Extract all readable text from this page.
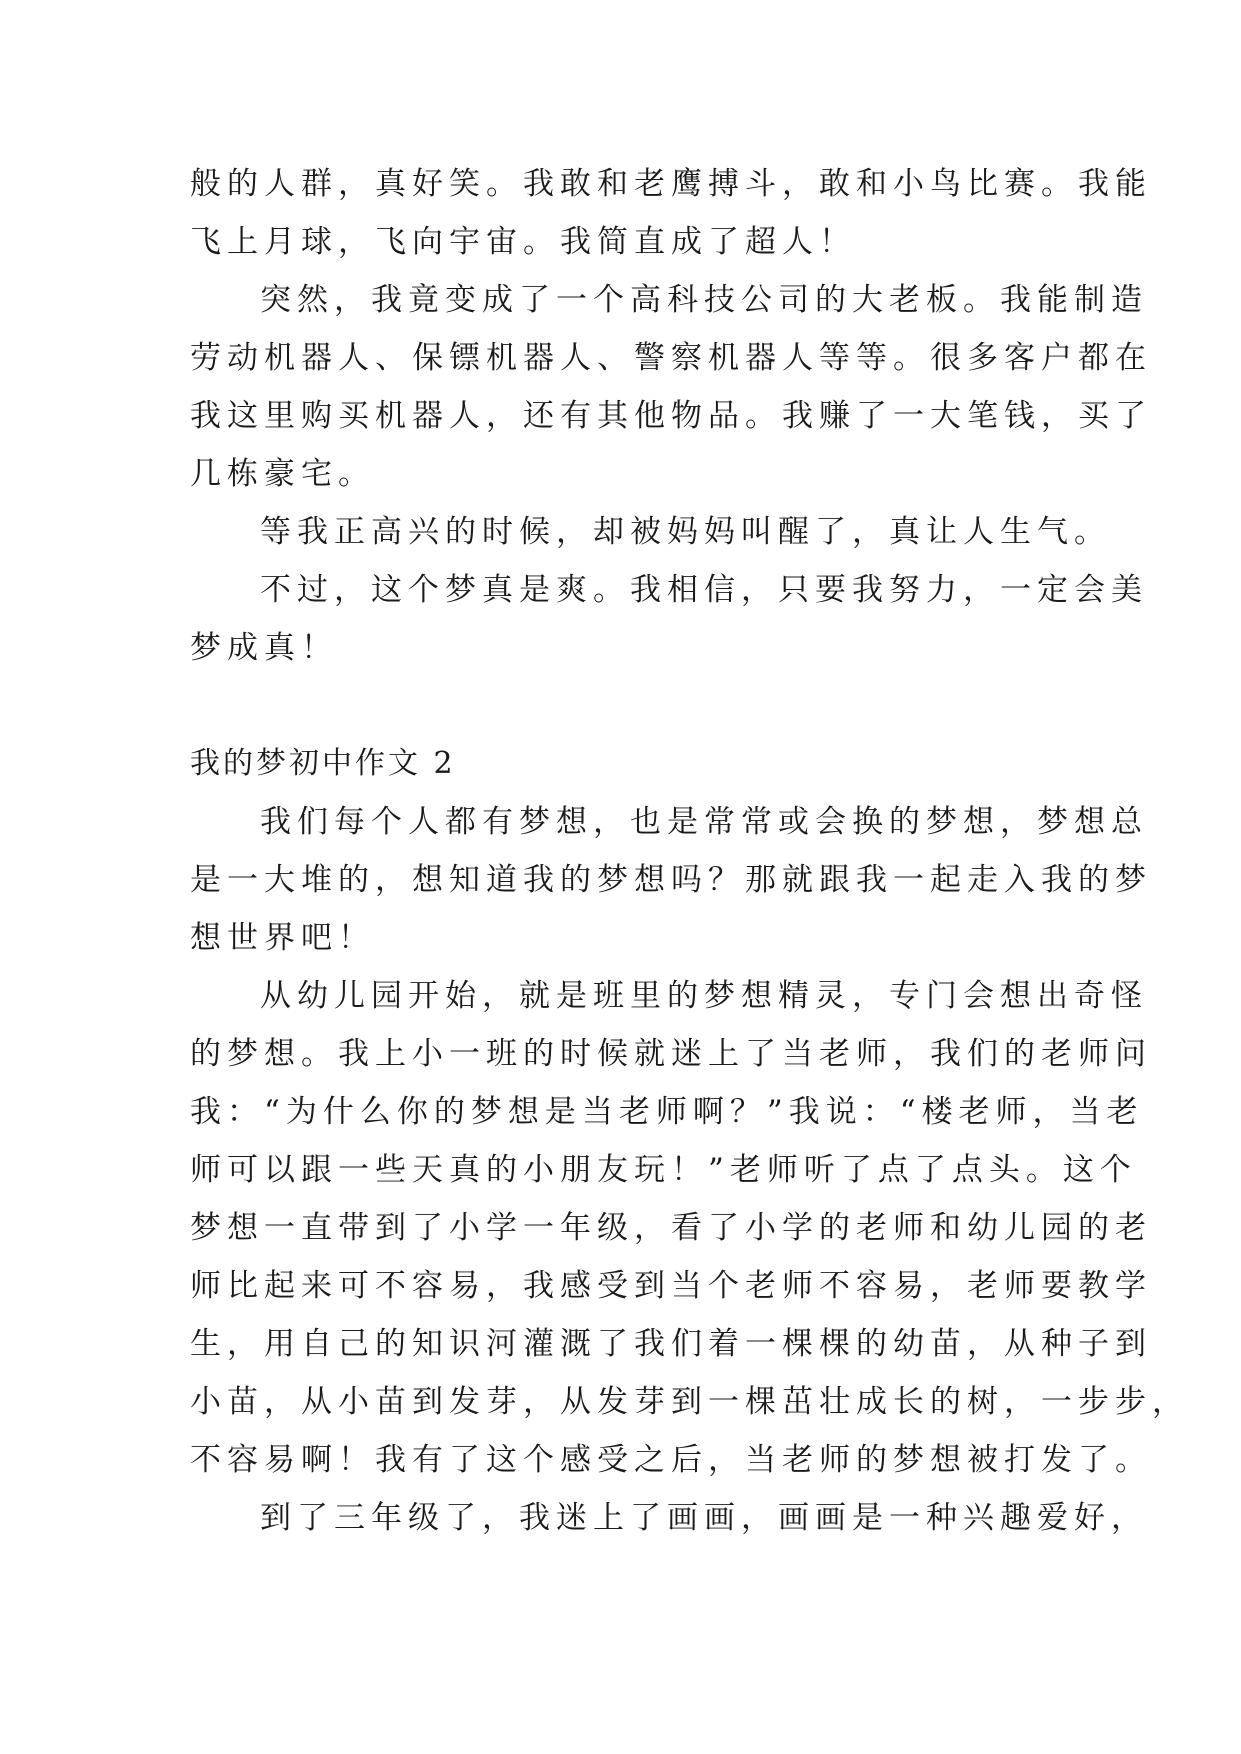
般的人群，真好笑。我敢和老鹰搏斗，敢和小鸟比赛。我能
飞上月球，飞向宇宙。我简直成了超人！
突然，我竟变成了一个高科技公司的大老板。我能制造
劳动机器人、保镖机器人、警察机器人等等。很多客户都在
我这里购买机器人，还有其他物品。我赚了一大笔钱，买了
几栋豪宅。
等我正高兴的时候，却被妈妈叫醒了，真让人生气。
不过，这个梦真是爽。我相信，只要我努力，一定会美
梦成真！
我的梦初中作文 2
我们每个人都有梦想，也是常常或会换的梦想，梦想总
是一大堆的，想知道我的梦想吗？那就跟我一起走入我的梦
想世界吧！
从幼儿园开始，就是班里的梦想精灵，专门会想出奇怪
的梦想。我上小一班的时候就迷上了当老师，我们的老师问
我：“为什么你的梦想是当老师啊？”我说：“楼老师，当老
师可以跟一些天真的小朋友玩！”老师听了点了点头。这个
梦想一直带到了小学一年级，看了小学的老师和幼儿园的老
师比起来可不容易，我感受到当个老师不容易，老师要教学
生，用自己的知识河灌溉了我们着一棵棵的幼苗，从种子到
小苗，从小苗到发芽，从发芽到一棵茁壮成长的树，一步步，
不容易啊！我有了这个感受之后，当老师的梦想被打发了。
到了三年级了，我迷上了画画，画画是一种兴趣爱好，
